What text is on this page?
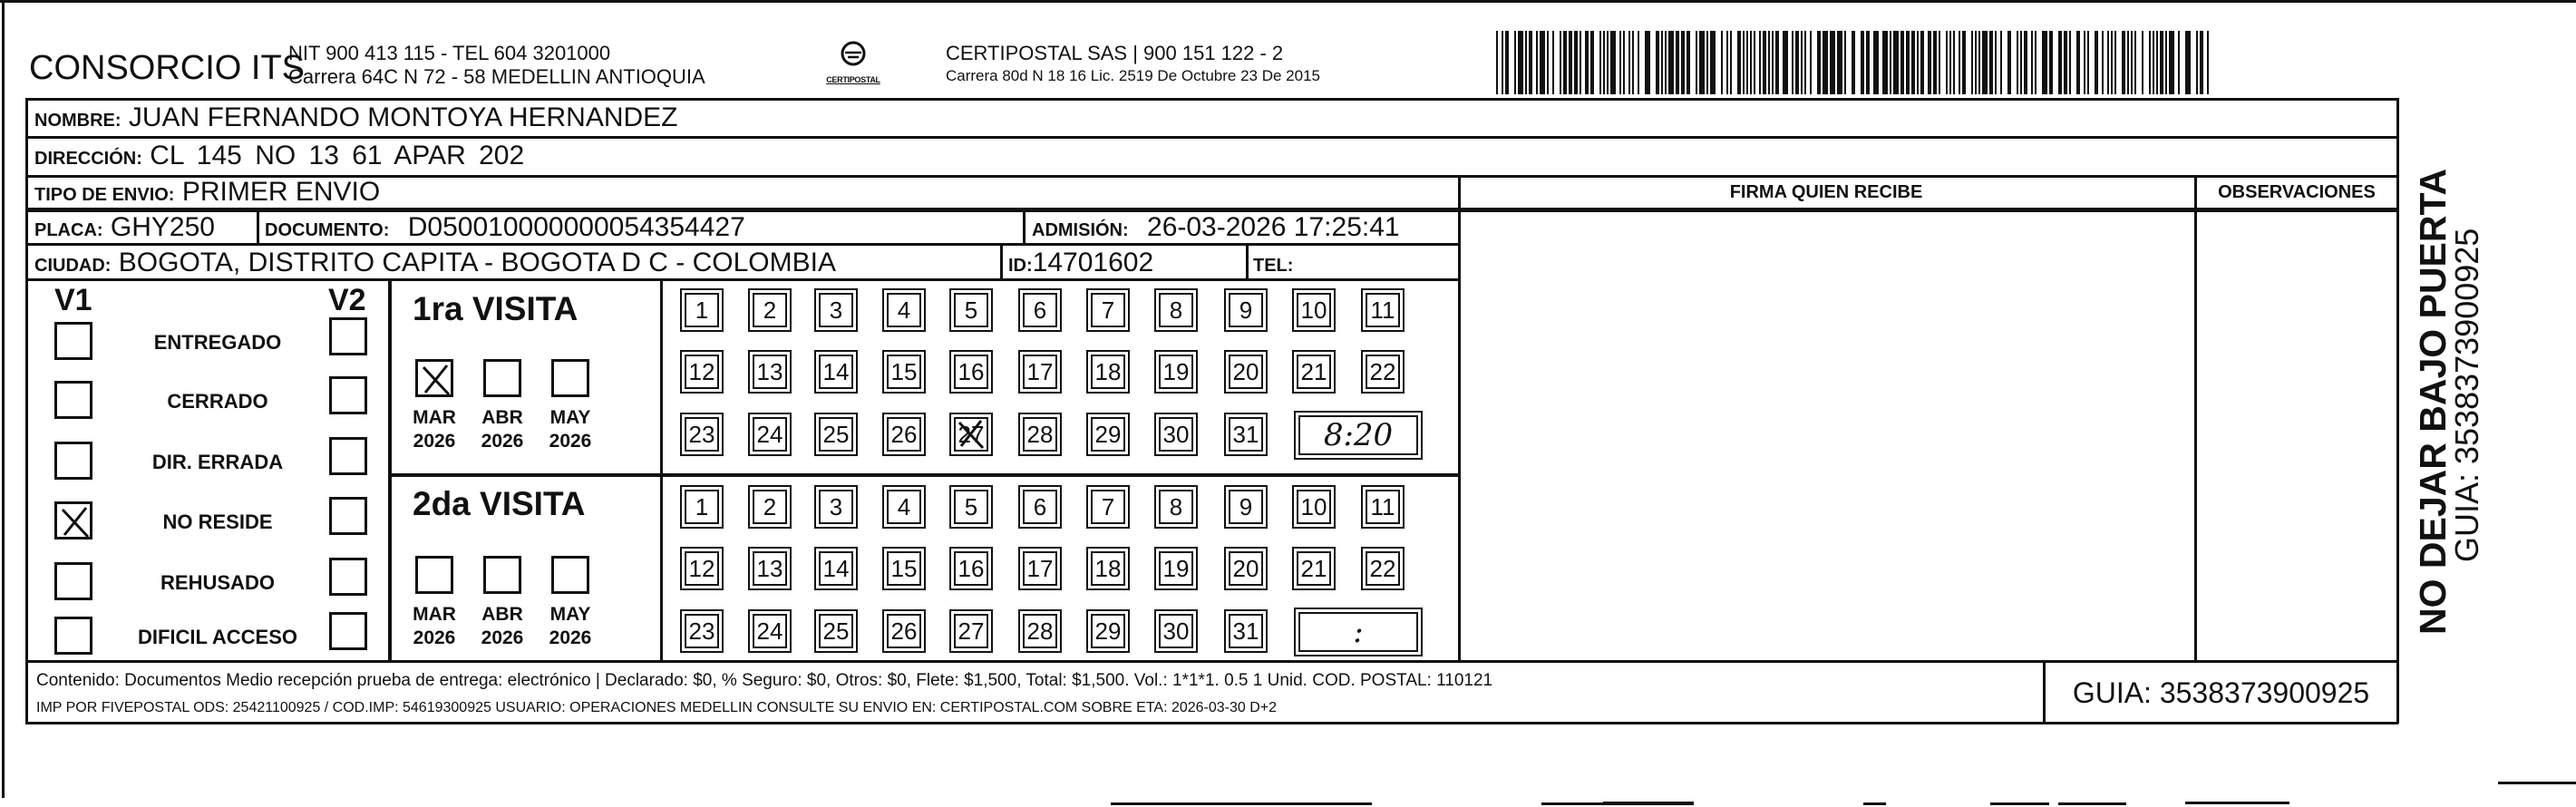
CONSORCIO ITS
NIT 900 413 115 - TEL 604 3201000
Carrera 64C N 72 - 58 MEDELLIN ANTIOQUIA	CERTIPOSTAL
CERTIPOSTAL SAS | 900 151 122 - 2
Carrera 80d N 18 16 Lic. 2519 De Octubre 23 De 2015
NOMBRE: JUAN FERNANDO MONTOYA HERNANDEZ
DIRECCIÓN: CL 145 NO 13 61 APAR 202
TIPO DE ENVIO: PRIMER ENVIO
PLACA: GHY250	DOCUMENTO: D050010000000054354427	ADMISIÓN: 26-03-2026 17:25:41
CIUDAD: BOGOTA, DISTRITO CAPITA - BOGOTA D C - COLOMBIA	ID:14701602	TEL:
FIRMA QUIEN RECIBE	OBSERVACIONES
V1	V2
ENTREGADO
CERRADO
DIR. ERRADA
NO RESIDE
REHUSADO
DIFICIL ACCESO
1ra VISITA
2da VISITA
MAR
2026
ABR
2026
MAY
2026
1	2	3	4	5	6	7	8	9	10 11
12 13 14 15 16 17 18 19 20 21 22
23 24 25 26 27 28 29 30 31	8:20
MAR
2026
ABR
2026
MAY
2026
1	2	3	4	5	6	7	8	9	10 11
12 13 14 15 16 17 18 19 20 21 22
23 24 25 26 27 28 29 30 31	:
Contenido: Documentos Medio recepción prueba de entrega: electrónico | Declarado: $0, % Seguro: $0, Otros: $0, Flete: $1,500, Total: $1,500. Vol.: 1*1*1. 0.5 1 Unid. COD. POSTAL: 110121
IMP POR FIVEPOSTAL ODS: 25421100925 / COD.IMP: 54619300925 USUARIO: OPERACIONES MEDELLIN CONSULTE SU ENVIO EN: CERTIPOSTAL.COM SOBRE ETA: 2026-03-30 D+2	GUIA: 3538373900925
NO DEJAR BAJO PUERTA
GUIA: 3538373900925
